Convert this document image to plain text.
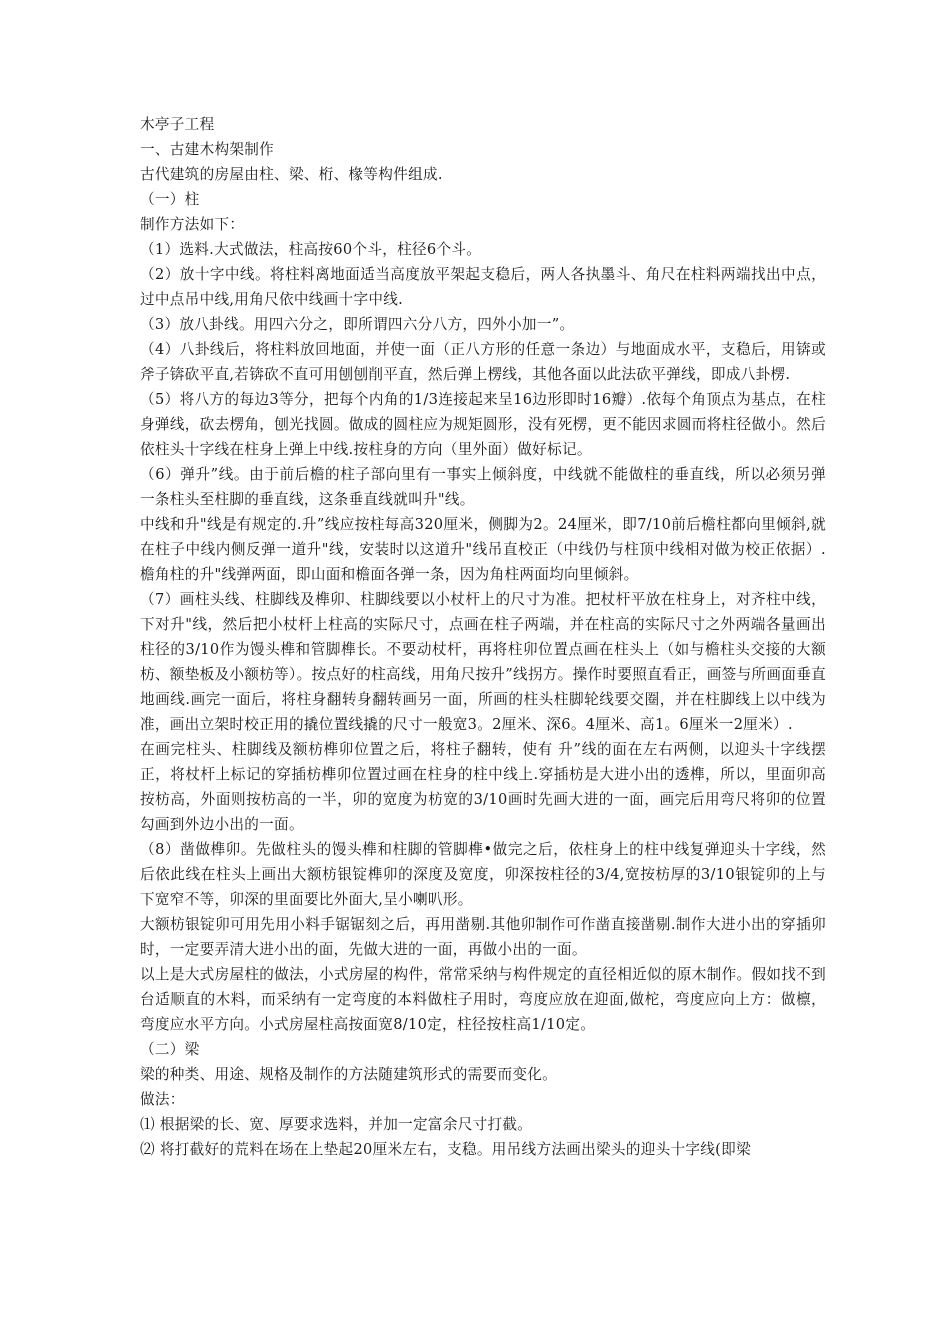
木亭子工程

一、古建木构架制作

古代建筑的房屋由柱、梁、桁、椽等构件组成.

（一）柱

制作方法如下：

（1）选料.大式做法，柱高按60个斗，柱径6个斗。

（2）放十字中线。将柱料离地面适当高度放平架起支稳后，两人各执墨斗、角尺在柱料两端找出中点，过中点吊中线,用角尺依中线画十字中线.

（3）放八卦线。用四六分之，即所谓四六分八方，四外小加一”。

（4）八卦线后，将柱料放回地面，并使一面（正八方形的任意一条边）与地面成水平，支稳后，用锛或斧子锛砍平直,若锛砍不直可用刨刨削平直，然后弹上楞线，其他各面以此法砍平弹线，即成八卦楞.

（5）将八方的每边3等分，把每个内角的1/3连接起来呈16边形即时16瓣）.依每个角顶点为基点，在柱身弹线，砍去楞角，刨光找圆。做成的圆柱应为规矩圆形，没有死楞，更不能因求圆而将柱径做小。然后依柱头十字线在柱身上弹上中线.按柱身的方向（里外面）做好标记。

（6）弹升”线。由于前后檐的柱子部向里有一事实上倾斜度，中线就不能做柱的垂直线，所以必须另弹一条柱头至柱脚的垂直线，这条垂直线就叫升"线。

中线和升"线是有规定的.升”线应按柱每高320厘米，侧脚为2。24厘米，即7/10前后檐柱都向里倾斜,就在柱子中线内侧反弹一道升"线，安装时以这道升"线吊直校正（中线仍与柱顶中线相对做为校正依据）.檐角柱的升"线弹两面，即山面和檐面各弹一条，因为角柱两面均向里倾斜。

（7）画柱头线、柱脚线及榫卯、柱脚线要以小杖杆上的尺寸为准。把杖杆平放在柱身上，对齐柱中线，下对升"线，然后把小杖杆上柱高的实际尺寸，点画在柱子两端，并在柱高的实际尺寸之外两端各量画出柱径的3/10作为馒头榫和管脚榫长。不要动杖杆，再将柱卯位置点画在柱头上（如与檐柱头交接的大额枋、额垫板及小额枋等）。按点好的柱高线，用角尺按升”线拐方。操作时要照直看正，画签与所画面垂直地画线.画完一面后，将柱身翻转身翻转画另一面，所画的柱头柱脚轮线要交圈，并在柱脚线上以中线为准，画出立架时校正用的撬位置线撬的尺寸一般宽3。2厘米、深6。4厘米、高1。6厘米一2厘米）.

在画完柱头、柱脚线及额枋榫卯位置之后，将柱子翻转，使有 升”线的面在左右两侧，以迎头十字线摆正，将杖杆上标记的穿插枋榫卯位置过画在柱身的柱中线上.穿插枋是大进小出的透榫，所以，里面卯高按枋高，外面则按枋高的一半，卯的宽度为枋宽的3/10画时先画大进的一面，画完后用弯尺将卯的位置勾画到外边小出的一面。

（8）凿做榫卯。先做柱头的馒头榫和柱脚的管脚榫•做完之后，依柱身上的柱中线复弹迎头十字线，然后依此线在柱头上画出大额枋银锭榫卯的深度及宽度，卯深按柱径的3/4,宽按枋厚的3/10银锭卯的上与下宽窄不等，卯深的里面要比外面大,呈小喇叭形。

大额枋银锭卯可用先用小料手锯锯刻之后，再用凿剔.其他卯制作可作凿直接凿剔.制作大进小出的穿插卯时，一定要弄清大进小出的面，先做大进的一面，再做小出的一面。

以上是大式房屋柱的做法，小式房屋的构件，常常采纳与构件规定的直径相近似的原木制作。假如找不到台适顺直的木料，而采纳有一定弯度的本料做柱子用时，弯度应放在迎面,做柁，弯度应向上方：做檩，弯度应水平方向。小式房屋柱高按面宽8/10定，柱径按柱高1/10定。

（二）梁

梁的种类、用途、规格及制作的方法随建筑形式的需要而变化。

做法：

⑴ 根据梁的长、宽、厚要求选料，并加一定富余尺寸打截。

⑵ 将打截好的荒料在场在上垫起20厘米左右，支稳。用吊线方法画出梁头的迎头十字线(即梁
